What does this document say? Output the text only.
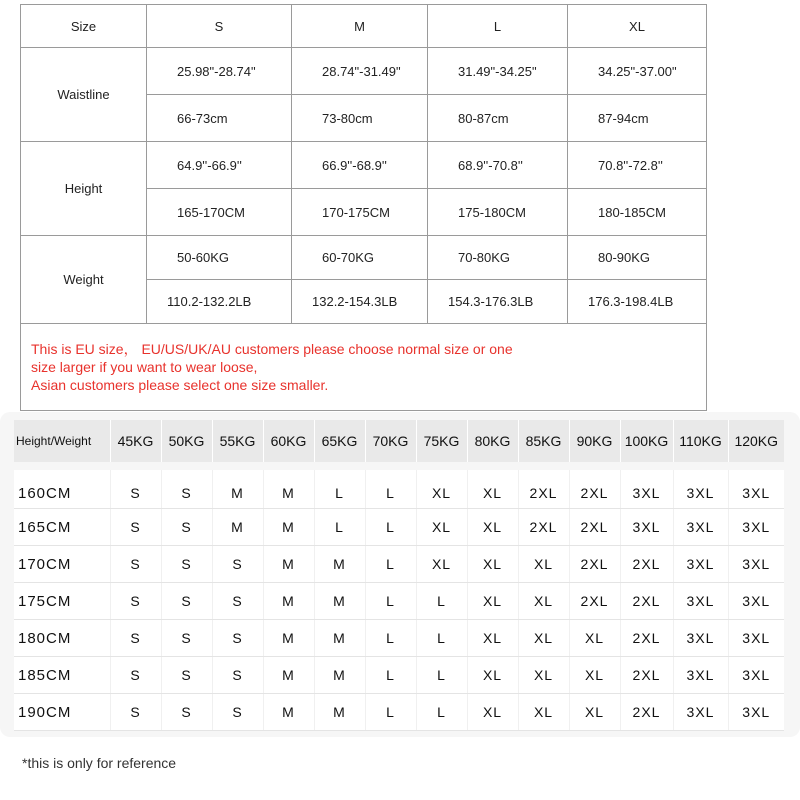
Size	S	M	L	XL
Waistline	25.98"-28.74"	28.74"-31.49"	31.49"-34.25"	34.25"-37.00"
	66-73cm	73-80cm	80-87cm	87-94cm
Height	64.9''-66.9''	66.9''-68.9''	68.9''-70.8''	70.8''-72.8''
	165-170CM	170-175CM	175-180CM	180-185CM
Weight	50-60KG	60-70KG	70-80KG	80-90KG
	110.2-132.2LB	132.2-154.3LB	154.3-176.3LB	176.3-198.4LB

This is EU size， EU/US/UK/AU customers please choose normal size or one
size larger if you want to wear loose,
Asian customers please select one size smaller.				
Height/Weight	45KG	50KG	55KG	60KG	65KG	70KG	75KG	80KG	85KG	90KG	100KG	110KG	120KG
160CM	S	S	M	M	L	L	XL	XL	2XL	2XL	3XL	3XL	3XL
165CM	S	S	M	M	L	L	XL	XL	2XL	2XL	3XL	3XL	3XL
170CM	S	S	S	M	M	L	XL	XL	XL	2XL	2XL	3XL	3XL
175CM	S	S	S	M	M	L	L	XL	XL	2XL	2XL	3XL	3XL
180CM	S	S	S	M	M	L	L	XL	XL	XL	2XL	3XL	3XL
185CM	S	S	S	M	M	L	L	XL	XL	XL	2XL	3XL	3XL
190CM	S	S	S	M	M	L	L	XL	XL	XL	2XL	3XL	3XL
*this is only for reference
